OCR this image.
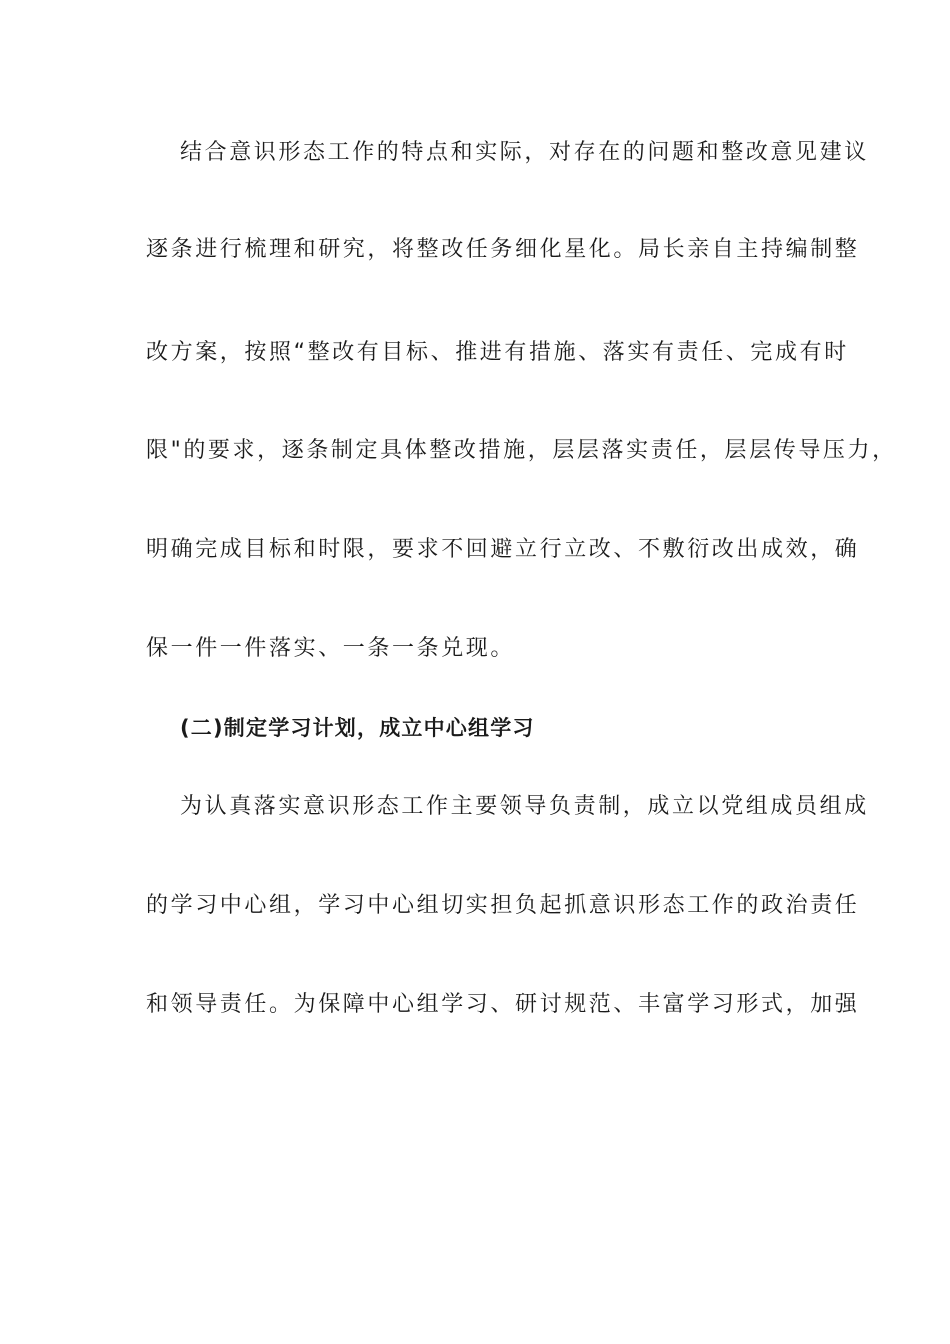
结合意识形态工作的特点和实际，对存在的问题和整改意见建议
逐条进行梳理和研究，将整改任务细化星化。局长亲自主持编制整
改方案，按照“整改有目标、推进有措施、落实有责任、完成有时
限"的要求，逐条制定具体整改措施，层层落实责任，层层传导压力，
明确完成目标和时限，要求不回避立行立改、不敷衍改出成效，确
保一件一件落实、一条一条兑现。
(二)制定学习计划，成立中心组学习
为认真落实意识形态工作主要领导负责制，成立以党组成员组成
的学习中心组，学习中心组切实担负起抓意识形态工作的政治责任
和领导责任。为保障中心组学习、研讨规范、丰富学习形式，加强
